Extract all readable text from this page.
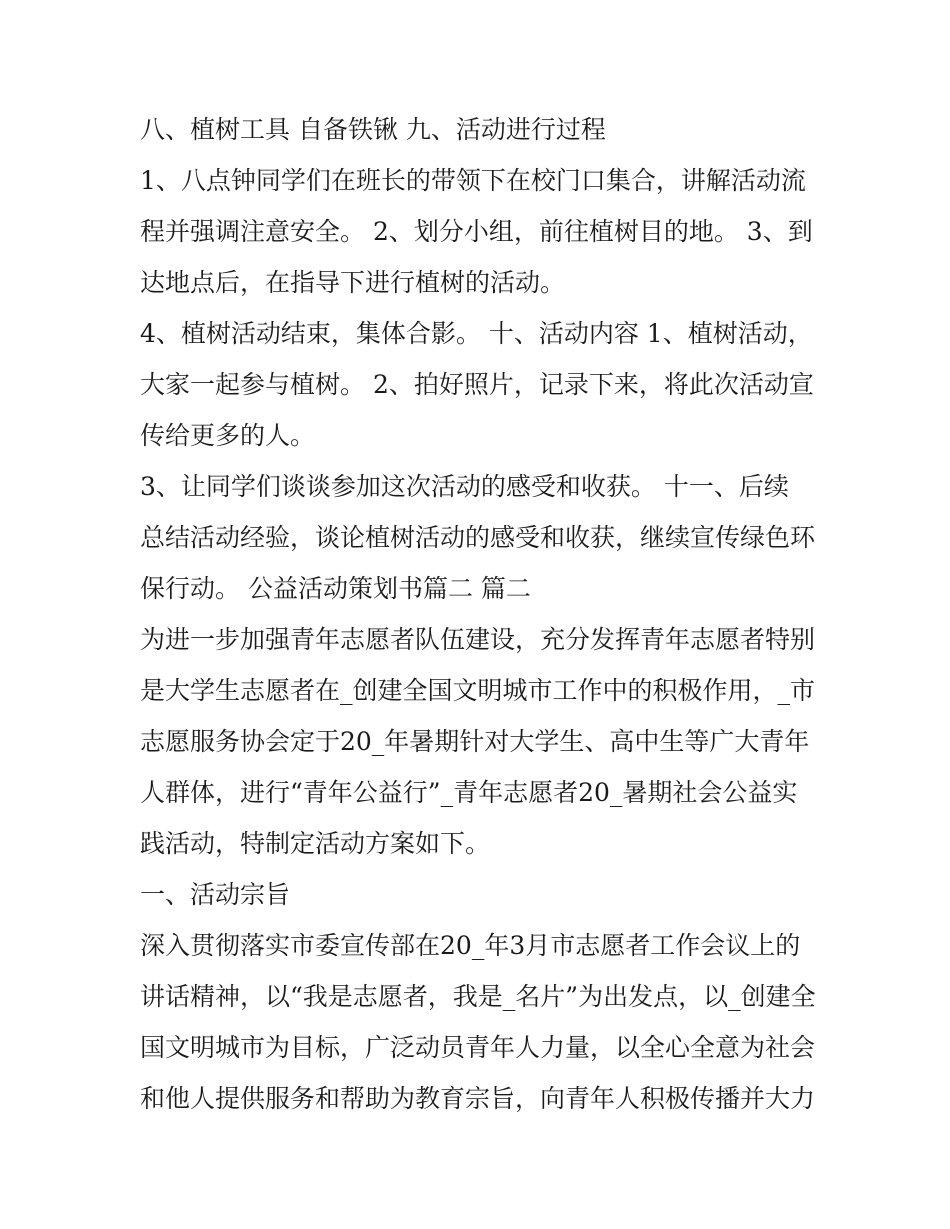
八、植树工具 自备铁锹 九、活动进行过程

1、八点钟同学们在班长的带领下在校门口集合，讲解活动流程并强调注意安全。 2、划分小组，前往植树目的地。 3、到达地点后，在指导下进行植树的活动。

4、植树活动结束，集体合影。 十、活动内容 1、植树活动，大家一起参与植树。 2、拍好照片，记录下来，将此次活动宣传给更多的人。

3、让同学们谈谈参加这次活动的感受和收获。 十一、后续 总结活动经验，谈论植树活动的感受和收获，继续宣传绿色环保行动。 公益活动策划书篇二 篇二

为进一步加强青年志愿者队伍建设，充分发挥青年志愿者特别是大学生志愿者在_创建全国文明城市工作中的积极作用，_市志愿服务协会定于20_年暑期针对大学生、高中生等广大青年人群体，进行“青年公益行”_青年志愿者20_暑期社会公益实践活动，特制定活动方案如下。

一、活动宗旨

深入贯彻落实市委宣传部在20_年3月市志愿者工作会议上的讲话精神，以“我是志愿者，我是_名片”为出发点，以_创建全国文明城市为目标，广泛动员青年人力量，以全心全意为社会和他人提供服务和帮助为教育宗旨，向青年人积极传播并大力
